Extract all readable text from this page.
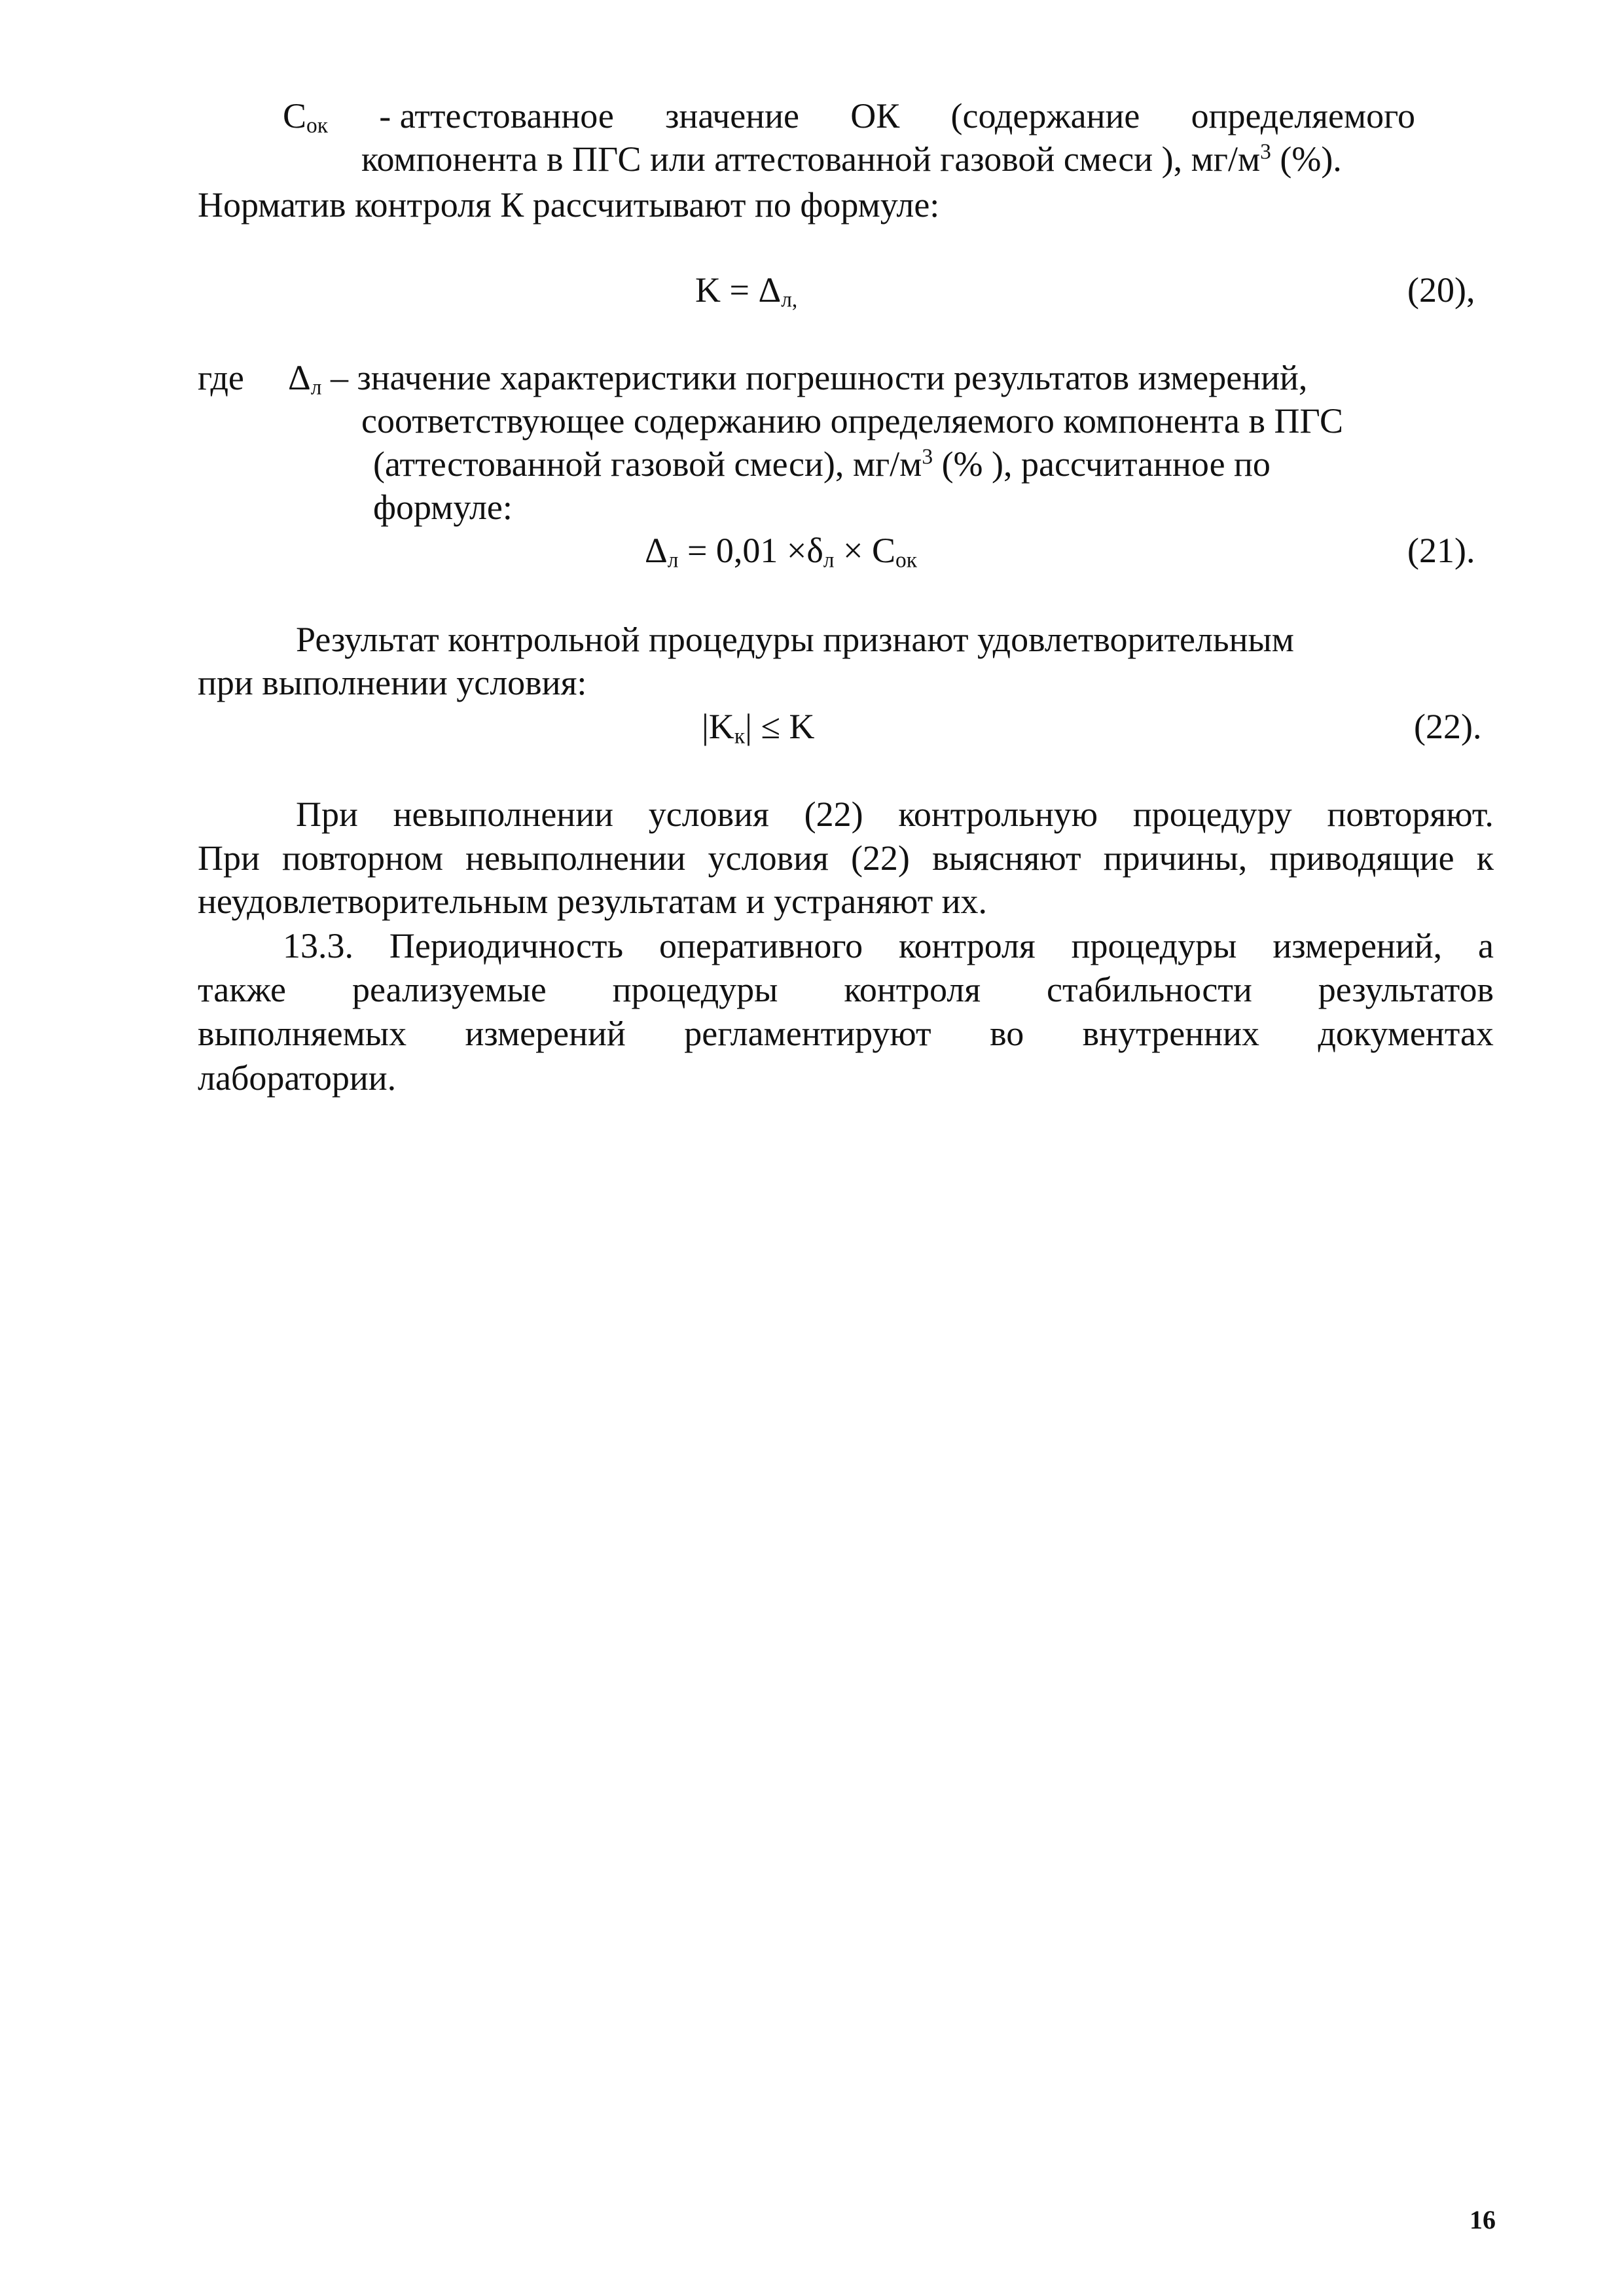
$C_{ок}$ - аттестованное значение ОК (содержание определяемого
компонента в ПГС или аттестованной газовой смеси ), $мг/м^3$ (%).
Норматив контроля К рассчитывают по формуле:
$K = \Delta_{л,}$	(20),
где $\Delta_л$ – значение характеристики погрешности результатов измерений,
соответствующее содержанию определяемого компонента в ПГС
(аттестованной газовой смеси), $мг/м^3$ (% ), рассчитанное по
формуле:
$\Delta_л = 0,01 \times\delta_л \times C_{ок}$	(21).
Результат контрольной процедуры признают удовлетворительным
при выполнении условия:
$|K_к| \le K$	(22).
При невыполнении условия (22) контрольную процедуру повторяют.
При повторном невыполнении условия (22) выясняют причины, приводящие к
неудовлетворительным результатам и устраняют их.
13.3. Периодичность оперативного контроля процедуры измерений, а
также реализуемые процедуры контроля стабильности результатов
выполняемых измерений регламентируют во внутренних документах
лаборатории.
16
